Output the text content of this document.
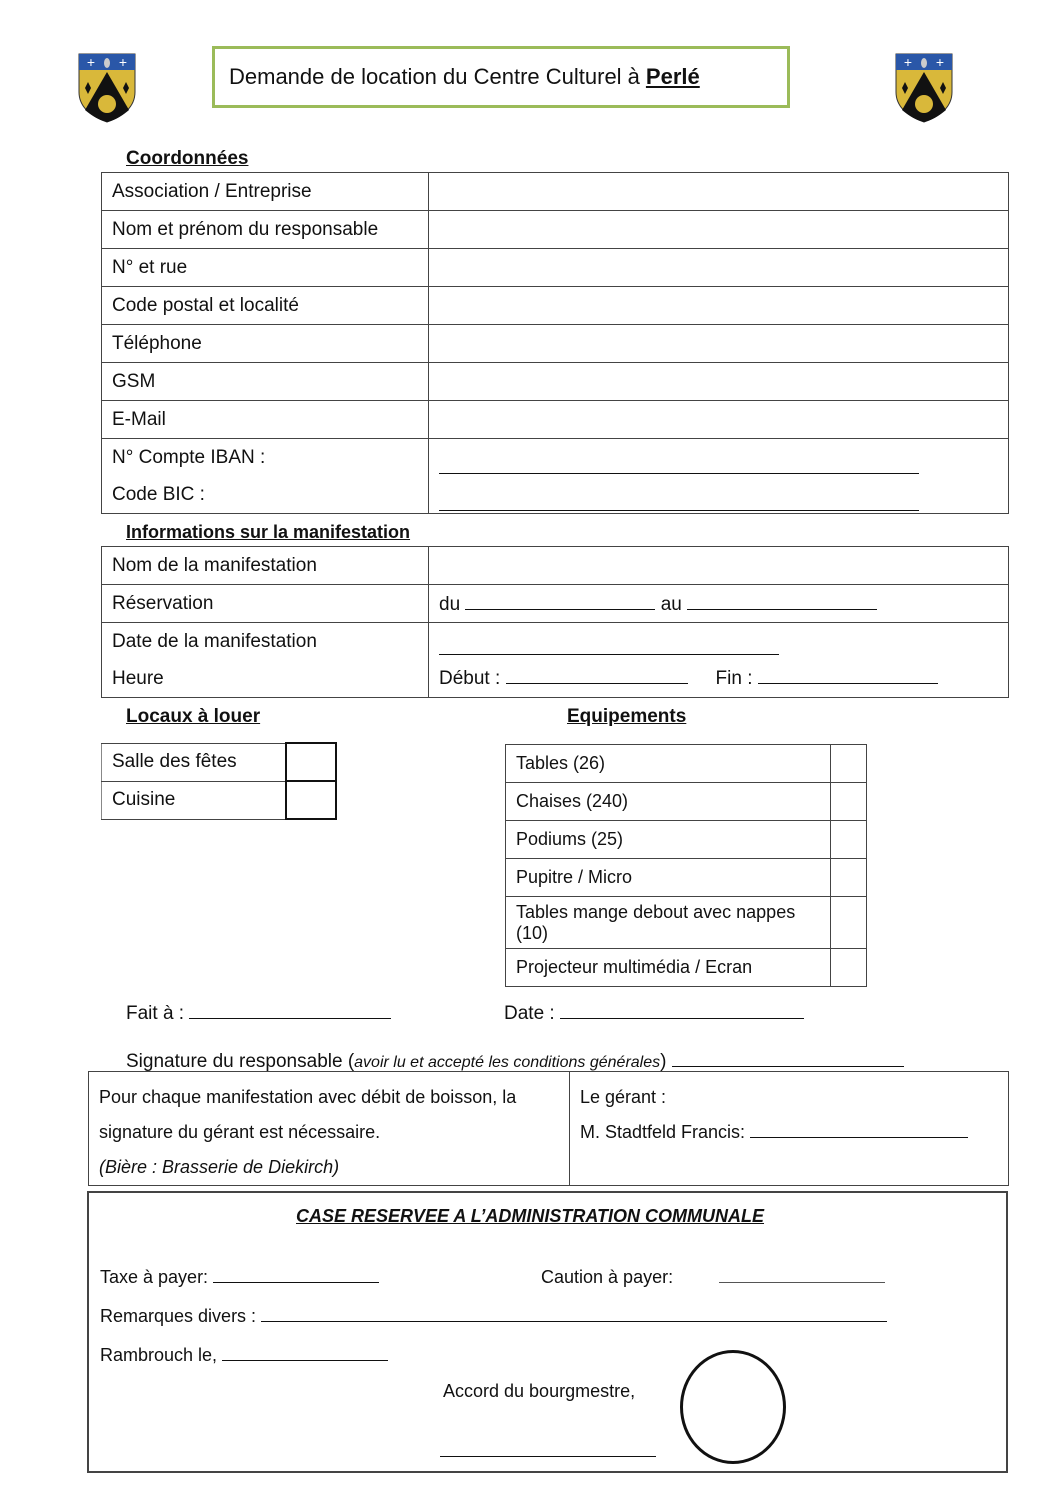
+ +	+ +
Demande de location du Centre Culturel à Perlé
Coordonnées
Association / Entreprise	
Nom et prénom du responsable	
N° et rue	
Code postal et localité	
Téléphone	
GSM	
E-Mail	

N° Compte IBAN :
Code BIC :	

Informations sur la manifestation
Nom de la manifestation	
Réservation	du au

Date de la manifestation
Heure	Début : Fin :
Locaux à louer
Salle des fêtes	
Cuisine	
Equipements
Tables (26)	
Chaises (240)	
Podiums (25)	
Pupitre / Micro	
Tables mange debout avec nappes (10)	
Projecteur multimédia / Ecran	
Fait à :	Date :
Signature du responsable (avoir lu et accepté les conditions générales)
Pour chaque manifestation avec débit de boisson, la
signature du gérant est nécessaire.
(Bière : Brasserie de Diekirch)

Le gérant :
M. Stadtfeld Francis:
CASE RESERVEE A L’ADMINISTRATION COMMUNALE
Taxe à payer:	Caution à payer:
Remarques divers :
Rambrouch le,
Accord du bourgmestre,
